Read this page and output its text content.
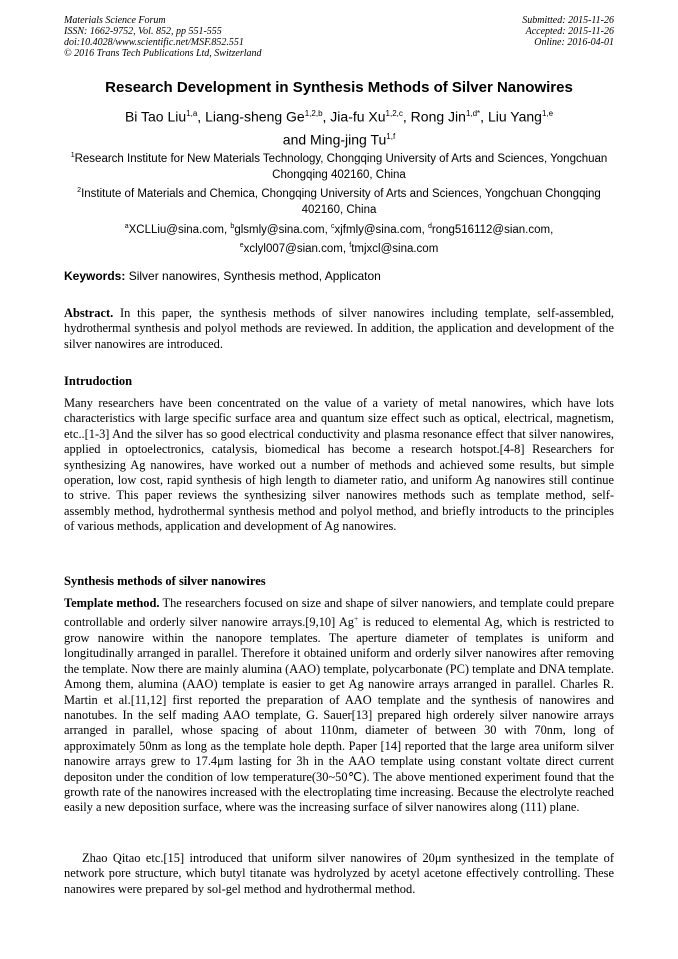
Materials Science Forum
ISSN: 1662-9752, Vol. 852, pp 551-555
doi:10.4028/www.scientific.net/MSF.852.551
© 2016 Trans Tech Publications Ltd, Switzerland
Submitted: 2015-11-26
Accepted: 2015-11-26
Online: 2016-04-01
Research Development in Synthesis Methods of Silver Nanowires
Bi Tao Liu$^{1,a}$, Liang-sheng Ge$^{1,2,b}$, Jia-fu Xu$^{1,2,c}$, Rong Jin$^{1,d*}$, Liu Yang$^{1,e}$
and Ming-jing Tu$^{1,f}$
$^1$Research Institute for New Materials Technology, Chongqing University of Arts and Sciences, Yongchuan Chongqing 402160, China
$^2$Institute of Materials and Chemica, Chongqing University of Arts and Sciences, Yongchuan Chongqing 402160, China
$^a$XCLLiu@sina.com, $^b$glsmly@sina.com, $^c$xjfmly@sina.com, $^d$rong516112@sian.com,
$^e$xclyl007@sian.com, $^f$tmjxcl@sina.com
Keywords: Silver nanowires, Synthesis method, Applicaton
Abstract. In this paper, the synthesis methods of silver nanowires including template, self-assembled, hydrothermal synthesis and polyol methods are reviewed. In addition, the application and development of the silver nanowires are introduced.
Intrudoction
Many researchers have been concentrated on the value of a variety of metal nanowires, which have lots characteristics with large specific surface area and quantum size effect such as optical, electrical, magnetism, etc..[1-3] And the silver has so good electrical conductivity and plasma resonance effect that silver nanowires, applied in optoelectronics, catalysis, biomedical has become a research hotspot.[4-8] Researchers for synthesizing Ag nanowires, have worked out a number of methods and achieved some results, but simple operation, low cost, rapid synthesis of high length to diameter ratio, and uniform Ag nanowires still continue to strive. This paper reviews the synthesizing silver nanowires methods such as template method, self-assembly method, hydrothermal synthesis method and polyol method, and briefly introducts to the principles of various methods, application and development of Ag nanowires.
Synthesis methods of silver nanowires
Template method. The researchers focused on size and shape of silver nanowiers, and template could prepare controllable and orderly silver nanowire arrays.[9,10] Ag+ is reduced to elemental Ag, which is restricted to grow nanowire within the nanopore templates. The aperture diameter of templates is uniform and longitudinally arranged in parallel. Therefore it obtained uniform and orderly silver nanowires after removing the template. Now there are mainly alumina (AAO) template, polycarbonate (PC) template and DNA template. Among them, alumina (AAO) template is easier to get Ag nanowire arrays arranged in parallel. Charles R. Martin et al.[11,12] first reported the preparation of AAO template and the synthesis of nanowires and nanotubes. In the self mading AAO template, G. Sauer[13] prepared high orderely silver nanowire arrays arranged in parallel, whose spacing of about 110nm, diameter of between 30 with 70nm, long of approximately 50nm as long as the template hole depth. Paper [14] reported that the large area uniform silver nanowire arrays grew to 17.4μm lasting for 3h in the AAO template using constant voltate direct current depositon under the condition of low temperature(30~50℃). The above mentioned experiment found that the growth rate of the nanowires increased with the electroplating time increasing. Because the electrolyte reached easily a new deposition surface, where was the increasing surface of silver nanowires along (111) plane.
Zhao Qitao etc.[15] introduced that uniform silver nanowires of 20μm synthesized in the template of network pore structure, which butyl titanate was hydrolyzed by acetyl acetone effectively controlling. These nanowires were prepared by sol-gel method and hydrothermal method.
